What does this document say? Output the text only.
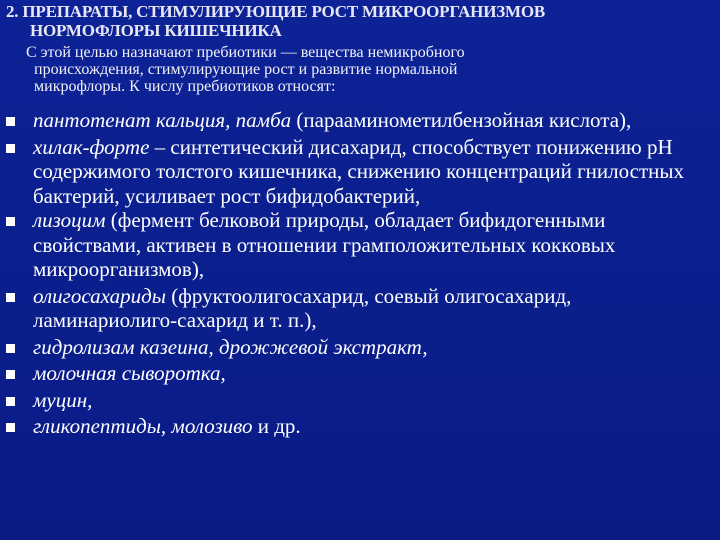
2. ПРЕПАРАТЫ, СТИМУЛИРУЮЩИЕ РОСТ МИКРООРГАНИЗМОВ
НОРМОФЛОРЫ КИШЕЧНИКА
С этой целью назначают пребиотики — вещества немикробного
происхождения, стимулирующие рост и развитие нормальной
микрофлоры. К числу пребиотиков относят:
пантотенат кальция, памба (парааминометилбензойная кислота),
хилак-форте – синтетический дисахарид, способствует понижению pH содержимого толстого кишечника, снижению концентраций гнилостных бактерий, усиливает рост бифидобактерий,
лизоцим (фермент белковой природы, обладает бифидогенными свойствами, активен в отношении грамположительных кокковых микроорганизмов),
олигосахариды (фруктоолигосахарид, соевый олигосахарид, ламинариолиго-сахарид и т. п.),
гидролизам казеина, дрожжевой экстракт,
молочная сыворотка,
муцин,
гликопептиды, молозиво и др.
